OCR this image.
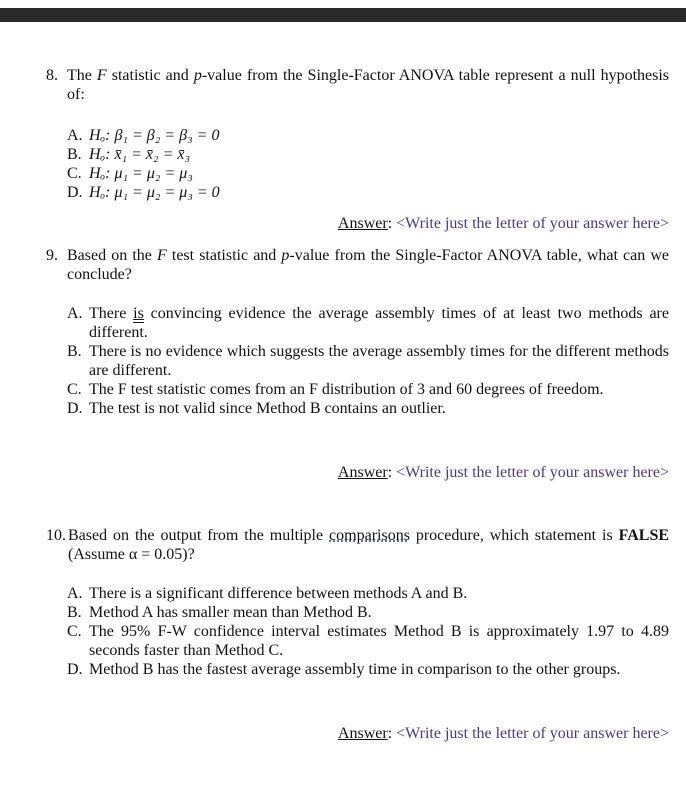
8. The F statistic and p-value from the Single-Factor ANOVA table represent a null hypothesis of:
A. Hₒ: β₁ = β₂ = β₃ = 0
B. Hₒ: x̄₁ = x̄₂ = x̄₃
C. Hₒ: μ₁ = μ₂ = μ₃
D. Hₒ: μ₁ = μ₂ = μ₃ = 0
Answer: <Write just the letter of your answer here>
9. Based on the F test statistic and p-value from the Single-Factor ANOVA table, what can we conclude?
A. There is convincing evidence the average assembly times of at least two methods are different.
B. There is no evidence which suggests the average assembly times for the different methods are different.
C. The F test statistic comes from an F distribution of 3 and 60 degrees of freedom.
D. The test is not valid since Method B contains an outlier.
Answer: <Write just the letter of your answer here>
10. Based on the output from the multiple comparisons procedure, which statement is FALSE (Assume α = 0.05)?
A. There is a significant difference between methods A and B.
B. Method A has smaller mean than Method B.
C. The 95% F-W confidence interval estimates Method B is approximately 1.97 to 4.89 seconds faster than Method C.
D. Method B has the fastest average assembly time in comparison to the other groups.
Answer: <Write just the letter of your answer here>
